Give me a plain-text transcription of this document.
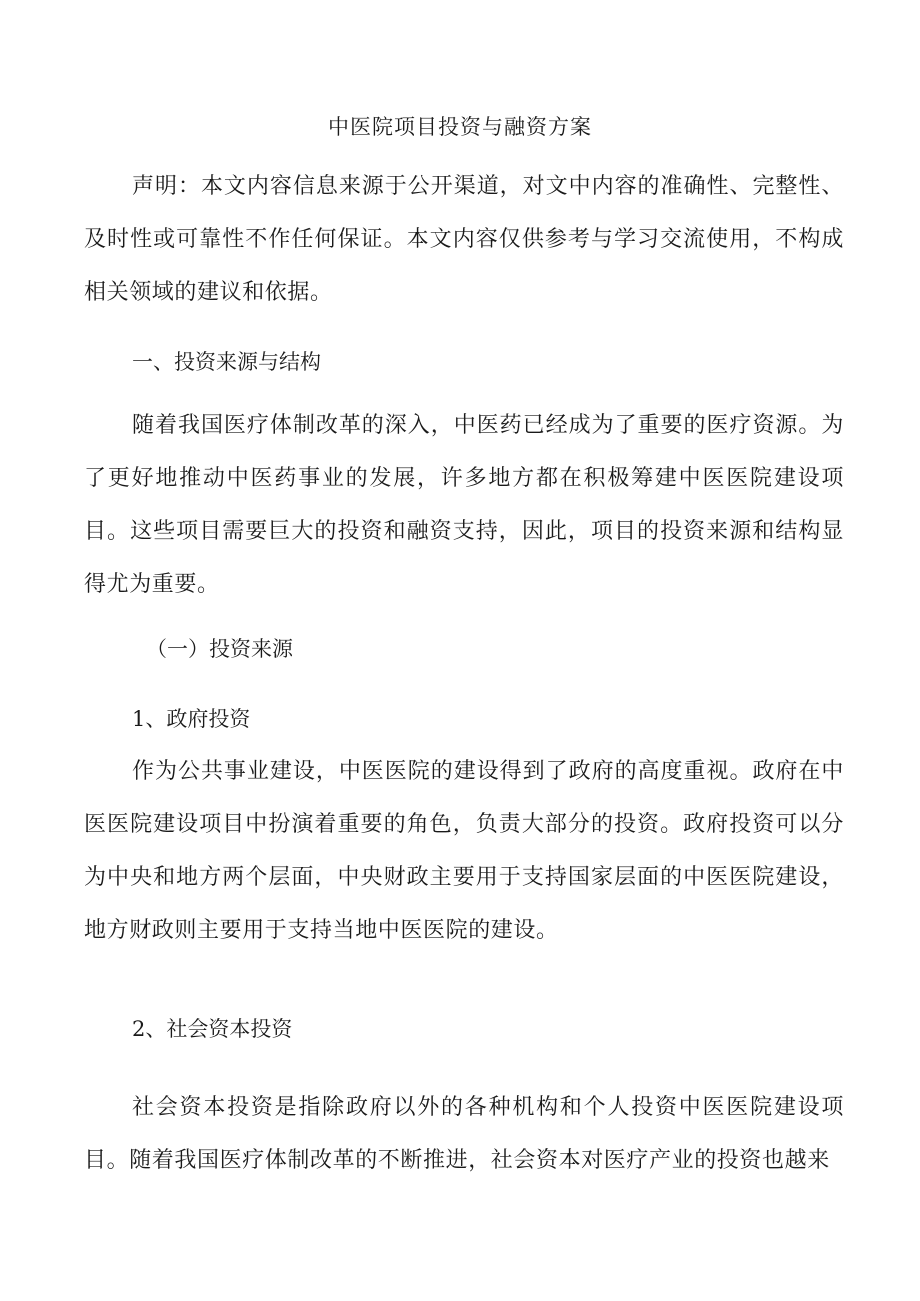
中医院项目投资与融资方案

声明：本文内容信息来源于公开渠道，对文中内容的准确性、完整性、及时性或可靠性不作任何保证。本文内容仅供参考与学习交流使用，不构成相关领域的建议和依据。

一、投资来源与结构

随着我国医疗体制改革的深入，中医药已经成为了重要的医疗资源。为了更好地推动中医药事业的发展，许多地方都在积极筹建中医医院建设项目。这些项目需要巨大的投资和融资支持，因此，项目的投资来源和结构显得尤为重要。

（一）投资来源
1、政府投资

作为公共事业建设，中医医院的建设得到了政府的高度重视。政府在中医医院建设项目中扮演着重要的角色，负责大部分的投资。政府投资可以分为中央和地方两个层面，中央财政主要用于支持国家层面的中医医院建设，地方财政则主要用于支持当地中医医院的建设。

2、社会资本投资

社会资本投资是指除政府以外的各种机构和个人投资中医医院建设项目。随着我国医疗体制改革的不断推进，社会资本对医疗产业的投资也越来
